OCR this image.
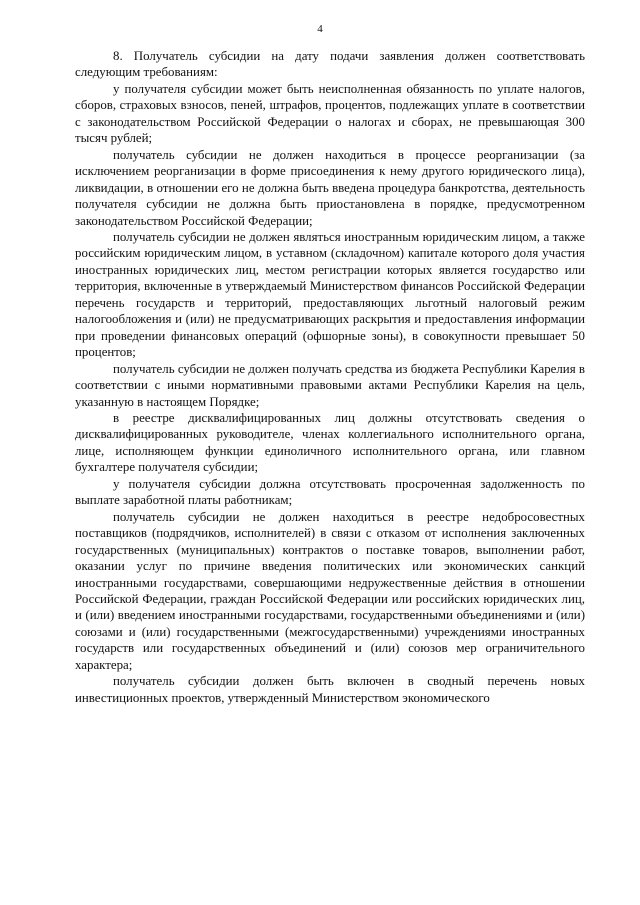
4

8. Получатель субсидии на дату подачи заявления должен соответствовать следующим требованиям:

у получателя субсидии может быть неисполненная обязанность по уплате налогов, сборов, страховых взносов, пеней, штрафов, процентов, подлежащих уплате в соответствии с законодательством Российской Федерации о налогах и сборах, не превышающая 300 тысяч рублей;

получатель субсидии не должен находиться в процессе реорганизации (за исключением реорганизации в форме присоединения к нему другого юридического лица), ликвидации, в отношении его не должна быть введена процедура банкротства, деятельность получателя субсидии не должна быть приостановлена в порядке, предусмотренном законодательством Российской Федерации;

получатель субсидии не должен являться иностранным юридическим лицом, а также российским юридическим лицом, в уставном (складочном) капитале которого доля участия иностранных юридических лиц, местом регистрации которых является государство или территория, включенные в утверждаемый Министерством финансов Российской Федерации перечень государств и территорий, предоставляющих льготный налоговый режим налогообложения и (или) не предусматривающих раскрытия и предоставления информации при проведении финансовых операций (офшорные зоны), в совокупности превышает 50 процентов;

получатель субсидии не должен получать средства из бюджета Республики Карелия в соответствии с иными нормативными правовыми актами Республики Карелия на цель, указанную в настоящем Порядке;

в реестре дисквалифицированных лиц должны отсутствовать сведения о дисквалифицированных руководителе, членах коллегиального исполнительного органа, лице, исполняющем функции единоличного исполнительного органа, или главном бухгалтере получателя субсидии;

у получателя субсидии должна отсутствовать просроченная задолженность по выплате заработной платы работникам;

получатель субсидии не должен находиться в реестре недобросовестных поставщиков (подрядчиков, исполнителей) в связи с отказом от исполнения заключенных государственных (муниципальных) контрактов о поставке товаров, выполнении работ, оказании услуг по причине введения политических или экономических санкций иностранными государствами, совершающими недружественные действия в отношении Российской Федерации, граждан Российской Федерации или российских юридических лиц, и (или) введением иностранными государствами, государственными объединениями и (или) союзами и (или) государственными (межгосударственными) учреждениями иностранных государств или государственных объединений и (или) союзов мер ограничительного характера;

получатель субсидии должен быть включен в сводный перечень новых инвестиционных проектов, утвержденный Министерством экономического
